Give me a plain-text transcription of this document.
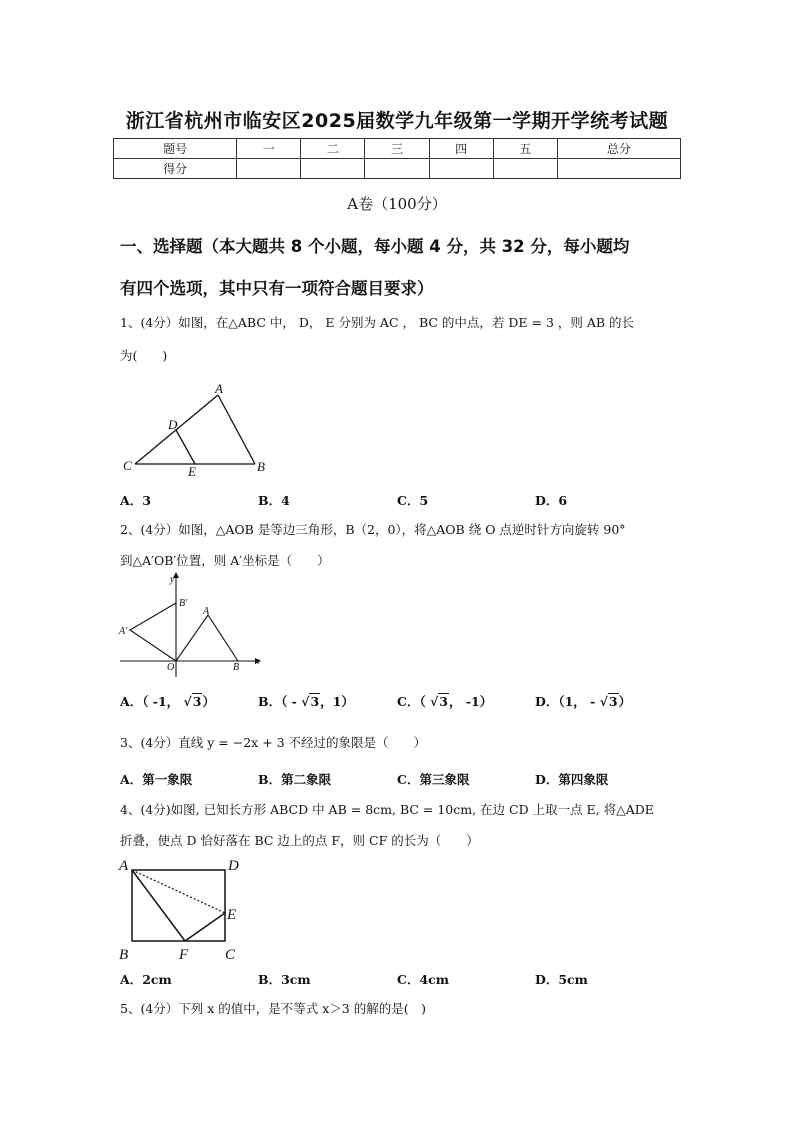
浙江省杭州市临安区2025届数学九年级第一学期开学统考试题
题号	一	二	三	四	五	总分
得分						
A卷（100分）
一、选择题（本大题共 8 个小题，每小题 4 分，共 32 分，每小题均
有四个选项，其中只有一项符合题目要求）
1、(4分）如图，在△ABC 中， D， E 分别为 AC ， BC 的中点，若 DE = 3 ，则 AB 的长
为(　　)
A
D
C	E	B
A．3	B．4	C．5	D．6
2、(4分）如图，△AOB 是等边三角形，B（2，0），将△AOB 绕 O 点逆时针方向旋转 90°
到△A′OB′位置，则 A′坐标是（　　）
y
B′
A
A′
O	B
x
A．（ -1， √3）	B．（ - √3，1）	C．（ √3， -1）	D．（1， - √3）
3、(4分）直线 y = −2x + 3 不经过的象限是（　　）
A．第一象限	B．第二象限	C．第三象限	D．第四象限
4、(4分)如图, 已知长方形 ABCD 中 AB = 8cm, BC = 10cm, 在边 CD 上取一点 E, 将△ADE
折叠，使点 D 恰好落在 BC 边上的点 F，则 CF 的长为（　　）
A	D
E
B	F C
A．2cm	B．3cm	C．4cm	D．5cm
5、(4分）下列 x 的值中，是不等式 x＞3 的解的是(　)
